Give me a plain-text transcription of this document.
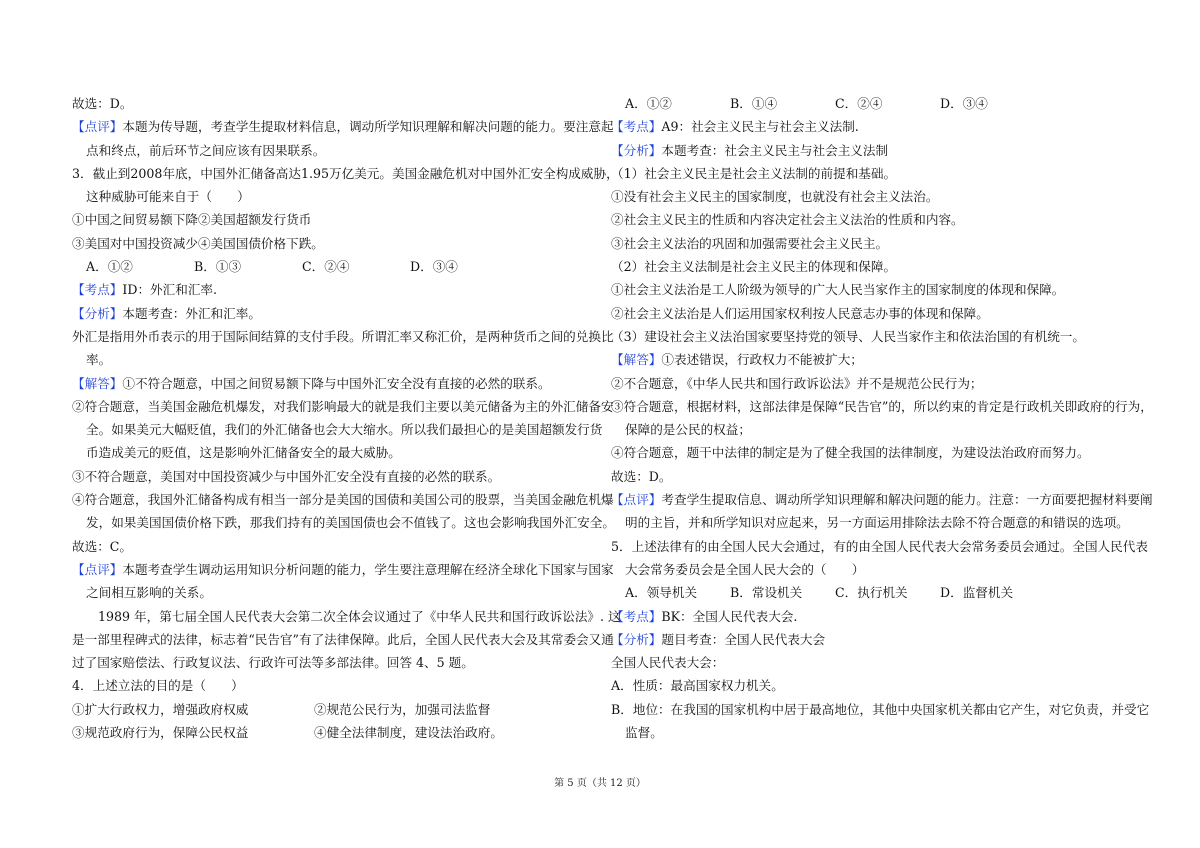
故选：D。
【点评】本题为传导题，考查学生提取材料信息，调动所学知识理解和解决问题的能力。要注意起
点和终点，前后环节之间应该有因果联系。
3．截止到2008年底，中国外汇储备高达1.95万亿美元。美国金融危机对中国外汇安全构成威胁，
这种威胁可能来自于（　　）
①中国之间贸易额下降②美国超额发行货币
③美国对中国投资减少④美国国债价格下跌。
A．①②	B．①③	C．②④	D．③④
【考点】ID：外汇和汇率.
【分析】本题考查：外汇和汇率。
外汇是指用外币表示的用于国际间结算的支付手段。所谓汇率又称汇价，是两种货币之间的兑换比
率。
【解答】①不符合题意，中国之间贸易额下降与中国外汇安全没有直接的必然的联系。
②符合题意，当美国金融危机爆发，对我们影响最大的就是我们主要以美元储备为主的外汇储备安
全。如果美元大幅贬值，我们的外汇储备也会大大缩水。所以我们最担心的是美国超额发行货
币造成美元的贬值，这是影响外汇储备安全的最大威胁。
③不符合题意，美国对中国投资减少与中国外汇安全没有直接的必然的联系。
④符合题意，我国外汇储备构成有相当一部分是美国的国债和美国公司的股票，当美国金融危机爆
发，如果美国国债价格下跌，那我们持有的美国国债也会不值钱了。这也会影响我国外汇安全。
故选：C。
【点评】本题考查学生调动运用知识分析问题的能力，学生要注意理解在经济全球化下国家与国家
之间相互影响的关系。
1989 年，第七届全国人民代表大会第二次全体会议通过了《中华人民共和国行政诉讼法》. 这
是一部里程碑式的法律，标志着“民告官”有了法律保障。此后，全国人民代表大会及其常委会又通
过了国家赔偿法、行政复议法、行政许可法等多部法律。回答 4、5 题。
4．上述立法的目的是（　　）
①扩大行政权力，增强政府权威	②规范公民行为，加强司法监督
③规范政府行为，保障公民权益	④健全法律制度，建设法治政府。
A．①②	B．①④	C．②④	D．③④
【考点】A9：社会主义民主与社会主义法制.
【分析】本题考查：社会主义民主与社会主义法制
（1）社会主义民主是社会主义法制的前提和基础。
①没有社会主义民主的国家制度，也就没有社会主义法治。
②社会主义民主的性质和内容决定社会主义法治的性质和内容。
③社会主义法治的巩固和加强需要社会主义民主。
（2）社会主义法制是社会主义民主的体现和保障。
①社会主义法治是工人阶级为领导的广大人民当家作主的国家制度的体现和保障。
②社会主义法治是人们运用国家权利按人民意志办事的体现和保障。
（3）建设社会主义法治国家要坚持党的领导、人民当家作主和依法治国的有机统一。
【解答】①表述错误，行政权力不能被扩大；
②不合题意，《中华人民共和国行政诉讼法》并不是规范公民行为；
③符合题意，根据材料，这部法律是保障“民告官”的，所以约束的肯定是行政机关即政府的行为，
保障的是公民的权益；
④符合题意，题干中法律的制定是为了健全我国的法律制度，为建设法治政府而努力。
故选：D。
【点评】考查学生提取信息、调动所学知识理解和解决问题的能力。注意：一方面要把握材料要阐
明的主旨，并和所学知识对应起来，另一方面运用排除法去除不符合题意的和错误的选项。
5．上述法律有的由全国人民大会通过，有的由全国人民代表大会常务委员会通过。全国人民代表
大会常务委员会是全国人民大会的（　　）
A．领导机关	B．常设机关	C．执行机关	D．监督机关
【考点】BK：全国人民代表大会.
【分析】题目考查：全国人民代表大会
全国人民代表大会：
A．性质：最高国家权力机关。
B．地位：在我国的国家机构中居于最高地位，其他中央国家机关都由它产生，对它负责，并受它
监督。
第 5 页（共 12 页）
